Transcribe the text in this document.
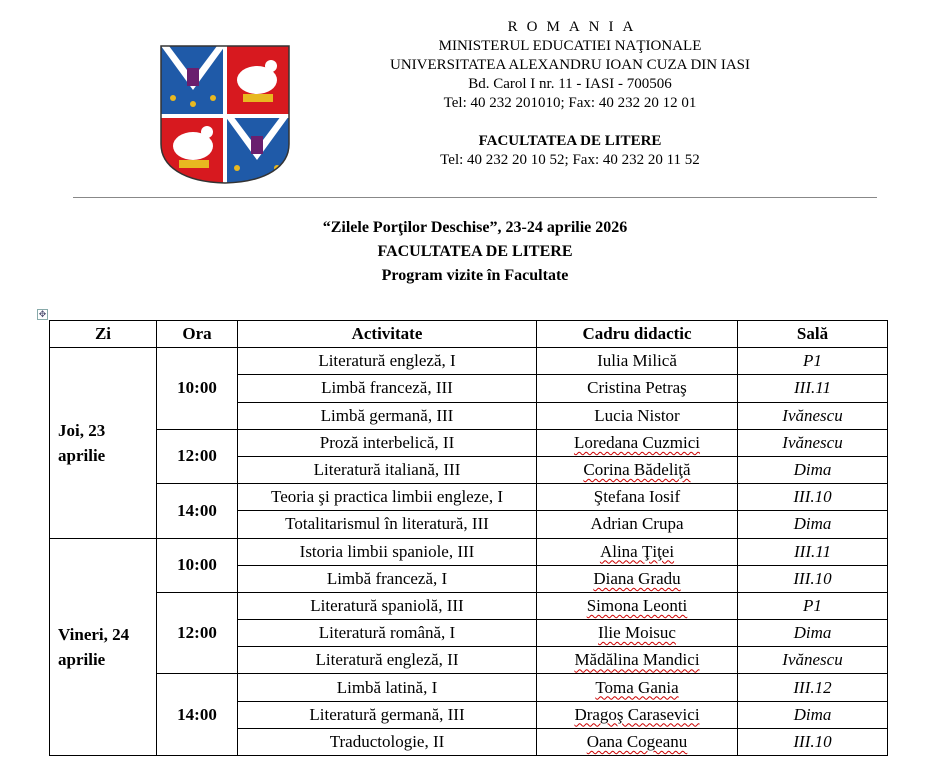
ROMANIA
MINISTERUL EDUCATIEI NAŢIONALE
UNIVERSITATEA ALEXANDRU IOAN CUZA DIN IASI
Bd. Carol I nr. 11 - IASI - 700506
Tel: 40 232 201010; Fax: 40 232 20 12 01
FACULTATEA DE LITERE
Tel: 40 232 20 10 52; Fax: 40 232 20 11 52
“Zilele Porţilor Deschise”, 23-24 aprilie 2026
FACULTATEA DE LITERE
Program vizite în Facultate
✥
Zi	Ora	Activitate	Cadru didactic	Sală
Joi, 23 aprilie	10:00	Literatură engleză, I	Iulia Milică	P1
		Limbă franceză, III	Cristina Petraş	III.11
		Limbă germană, III	Lucia Nistor	Ivănescu
	12:00	Proză interbelică, II	Loredana Cuzmici	Ivănescu
		Literatură italiană, III	Corina Bădeliţă	Dima
	14:00	Teoria şi practica limbii engleze, I	Ştefana Iosif	III.10
		Totalitarismul în literatură, III	Adrian Crupa	Dima
Vineri, 24 aprilie	10:00	Istoria limbii spaniole, III	Alina Ţiţei	III.11
		Limbă franceză, I	Diana Gradu	III.10
	12:00	Literatură spaniolă, III	Simona Leonti	P1
		Literatură română, I	Ilie Moisuc	Dima
		Literatură engleză, II	Mădălina Mandici	Ivănescu
	14:00	Limbă latină, I	Toma Gania	III.12
		Literatură germană, III	Dragoş Carasevici	Dima
		Traductologie, II	Oana Cogeanu	III.10
